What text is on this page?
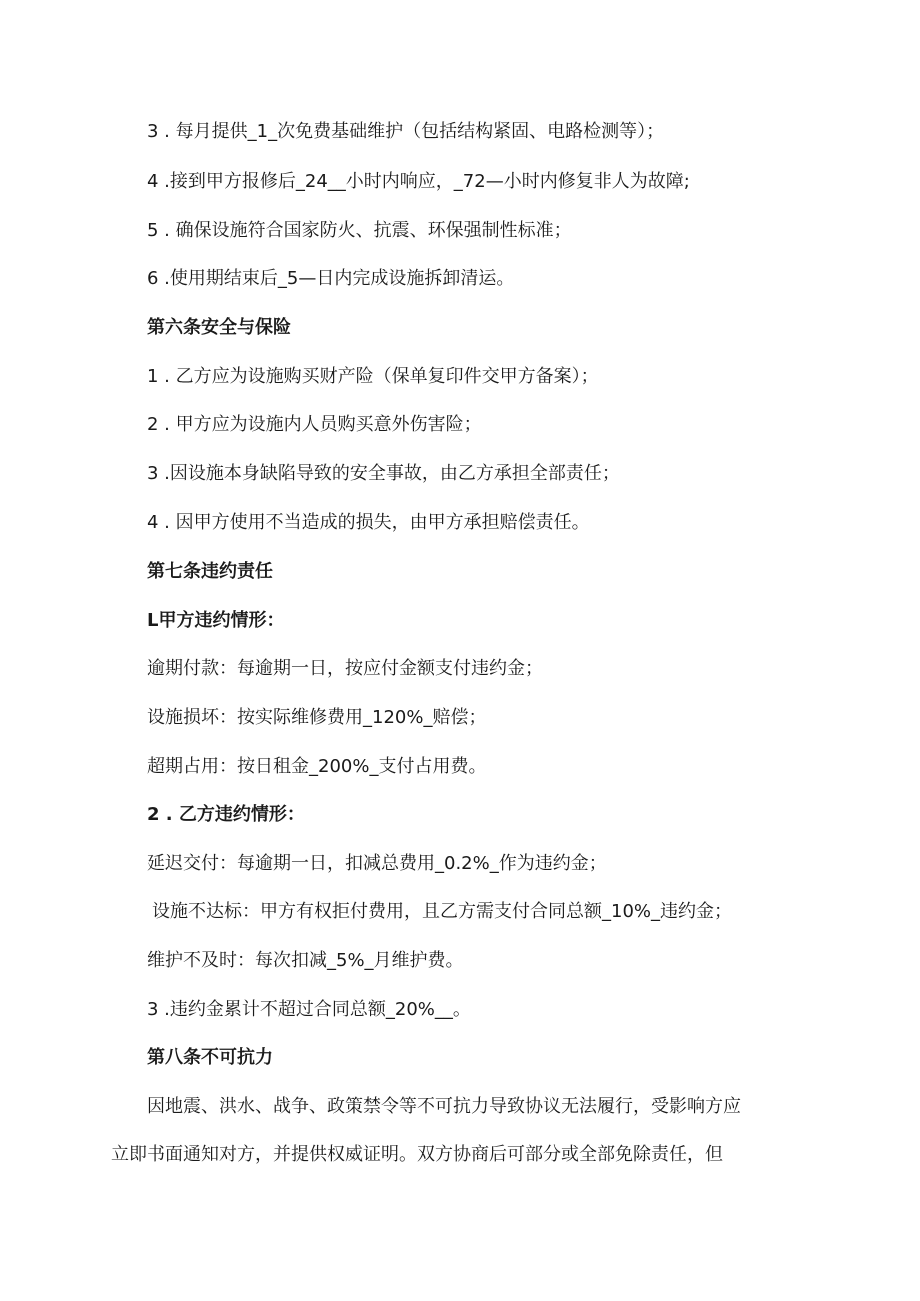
3 . 每月提供_1_次免费基础维护（包括结构紧固、电路检测等）；
4 .接到甲方报修后_24__小时内响应，_72—小时内修复非人为故障;
5 . 确保设施符合国家防火、抗震、环保强制性标准；
6 .使用期结束后_5—日内完成设施拆卸清运。
第六条安全与保险
1 . 乙方应为设施购买财产险（保单复印件交甲方备案）；
2 . 甲方应为设施内人员购买意外伤害险；
3 .因设施本身缺陷导致的安全事故，由乙方承担全部责任；
4 . 因甲方使用不当造成的损失，由甲方承担赔偿责任。
第七条违约责任
L甲方违约情形：
逾期付款：每逾期一日，按应付金额支付违约金；
设施损坏：按实际维修费用_120%_赔偿；
超期占用：按日租金_200%_支付占用费。
2 . 乙方违约情形：
延迟交付：每逾期一日，扣减总费用_0.2%_作为违约金；
设施不达标：甲方有权拒付费用，且乙方需支付合同总额_10%_违约金；
维护不及时：每次扣减_5%_月维护费。
3 .违约金累计不超过合同总额_20%__。
第八条不可抗力
因地震、洪水、战争、政策禁令等不可抗力导致协议无法履行，受影响方应
立即书面通知对方，并提供权威证明。双方协商后可部分或全部免除责任，但
